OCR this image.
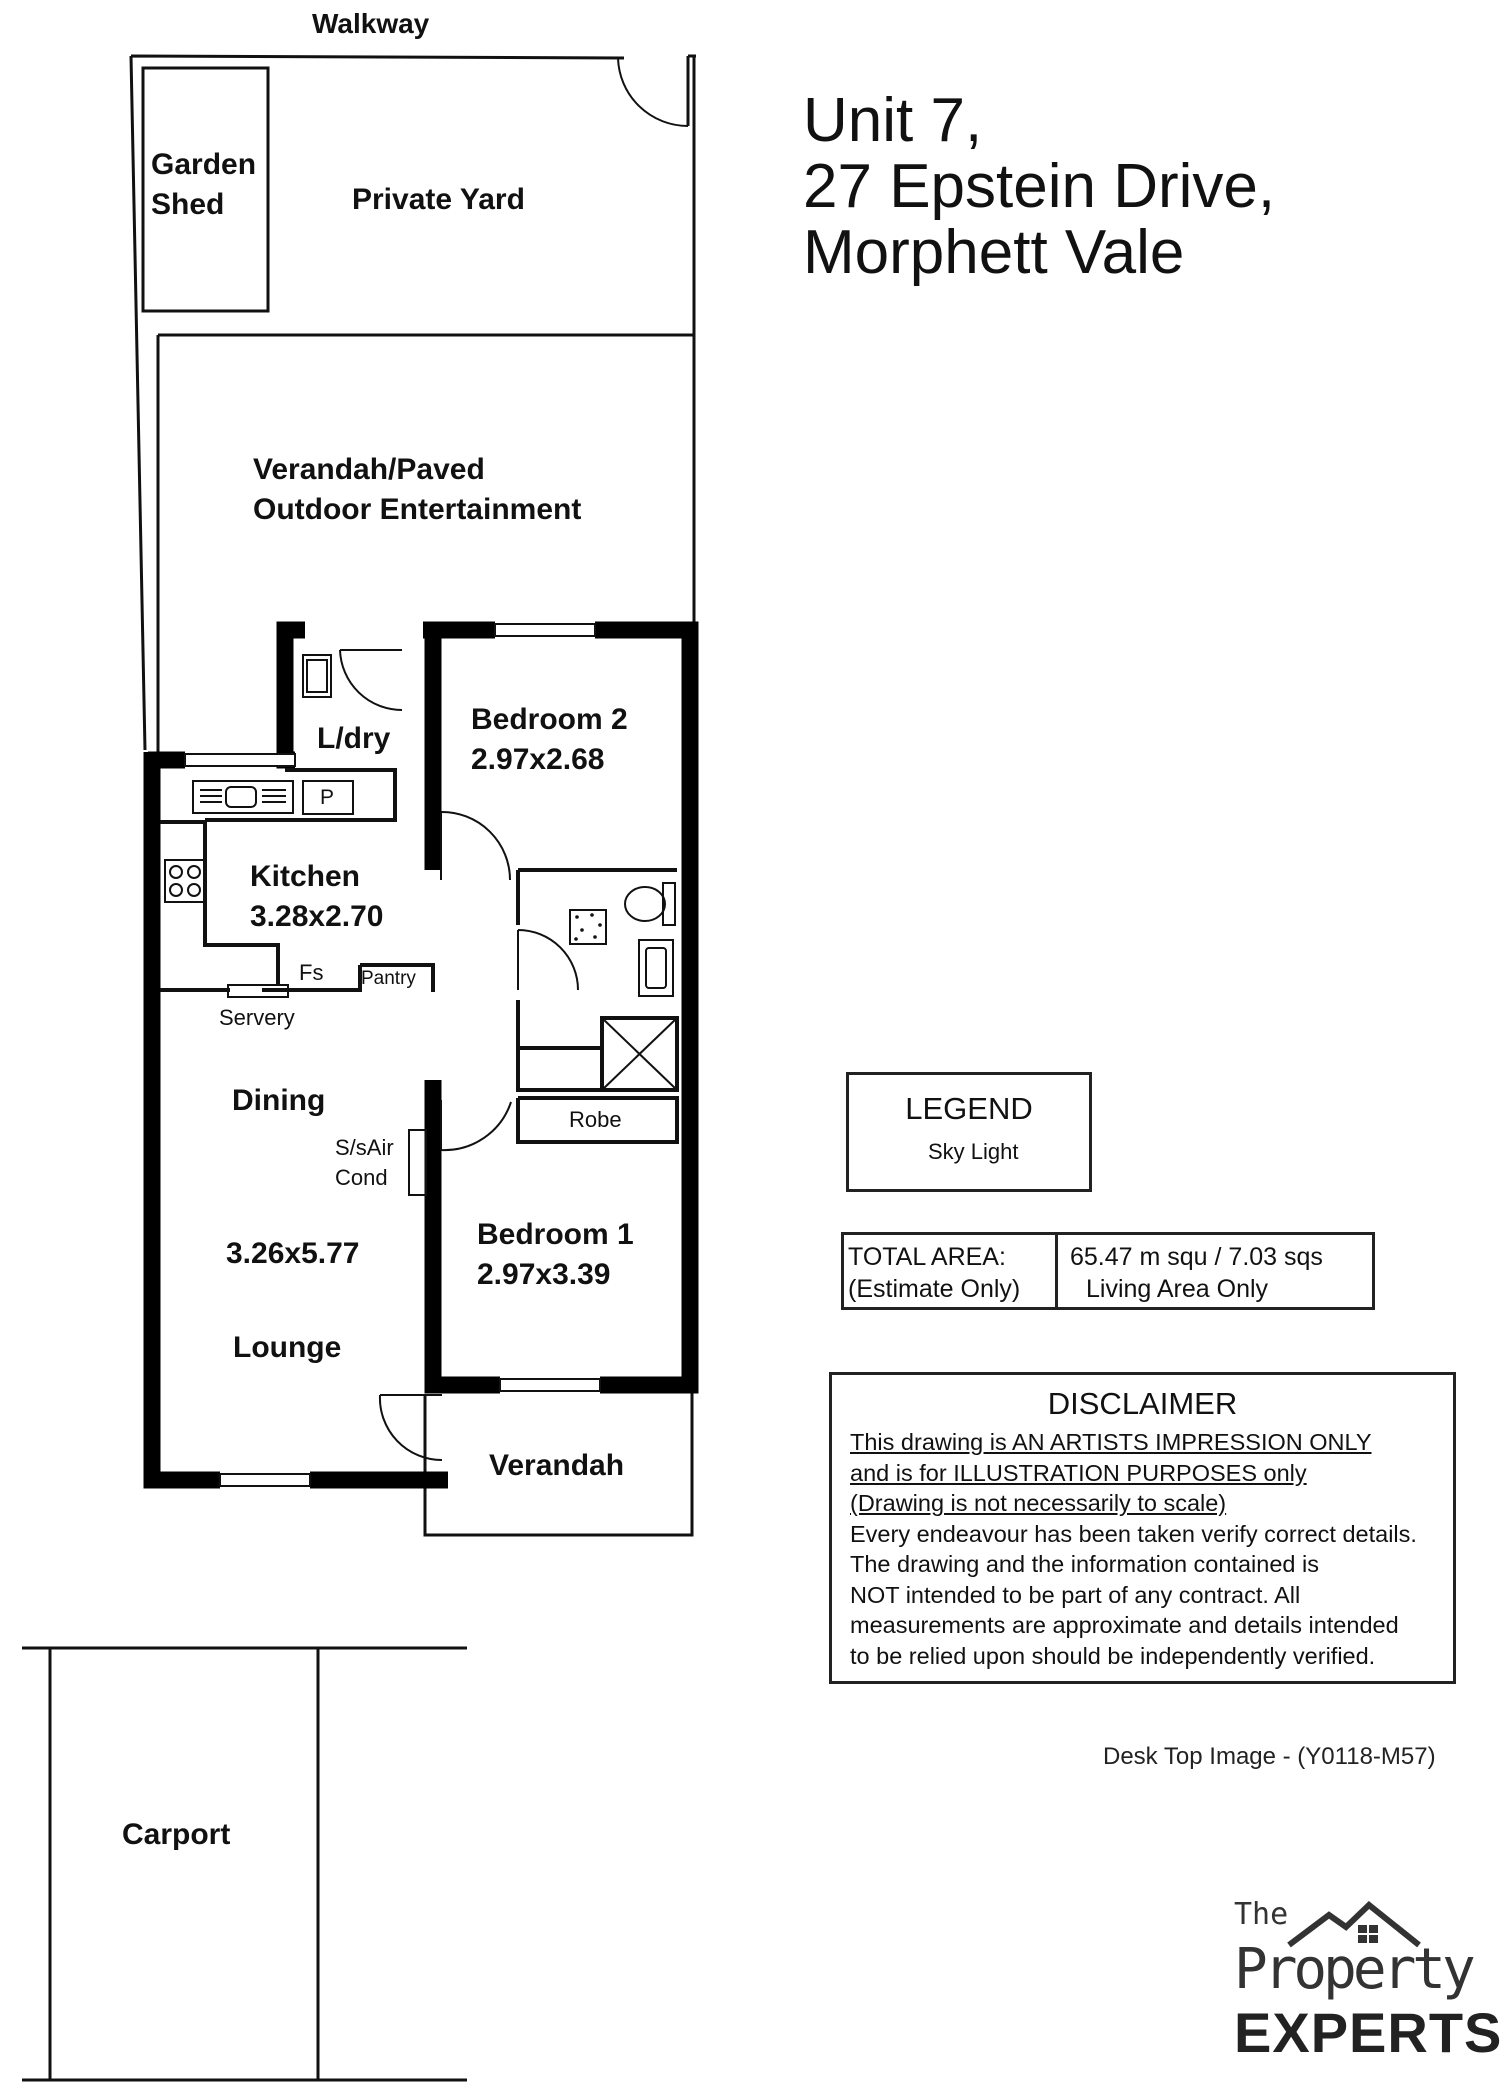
Walkway
Garden
Shed	Private Yard
Verandah/Paved
Outdoor Entertainment
L/dry
Bedroom 2
2.97x2.68
P
Kitchen
3.28x2.70
Fs Pantry
Servery
Dining
S/sAir
Cond
Robe
Bedroom 1
2.97x3.39
3.26x5.77
Lounge
Verandah
Carport
Unit 7,
27 Epstein Drive,
Morphett Vale
LEGEND
Sky Light
TOTAL AREA:
(Estimate Only)
65.47 m squ / 7.03 sqs
Living Area Only
DISCLAIMER
This drawing is AN ARTISTS IMPRESSION ONLY
and is for ILLUSTRATION PURPOSES only
(Drawing is not necessarily to scale)
Every endeavour has been taken verify correct details.
The drawing and the information contained is
NOT intended to be part of any contract. All
measurements are approximate and details intended
to be relied upon should be independently verified.
Desk Top Image - (Y0118-M57)
The
Property
EXPERTS
